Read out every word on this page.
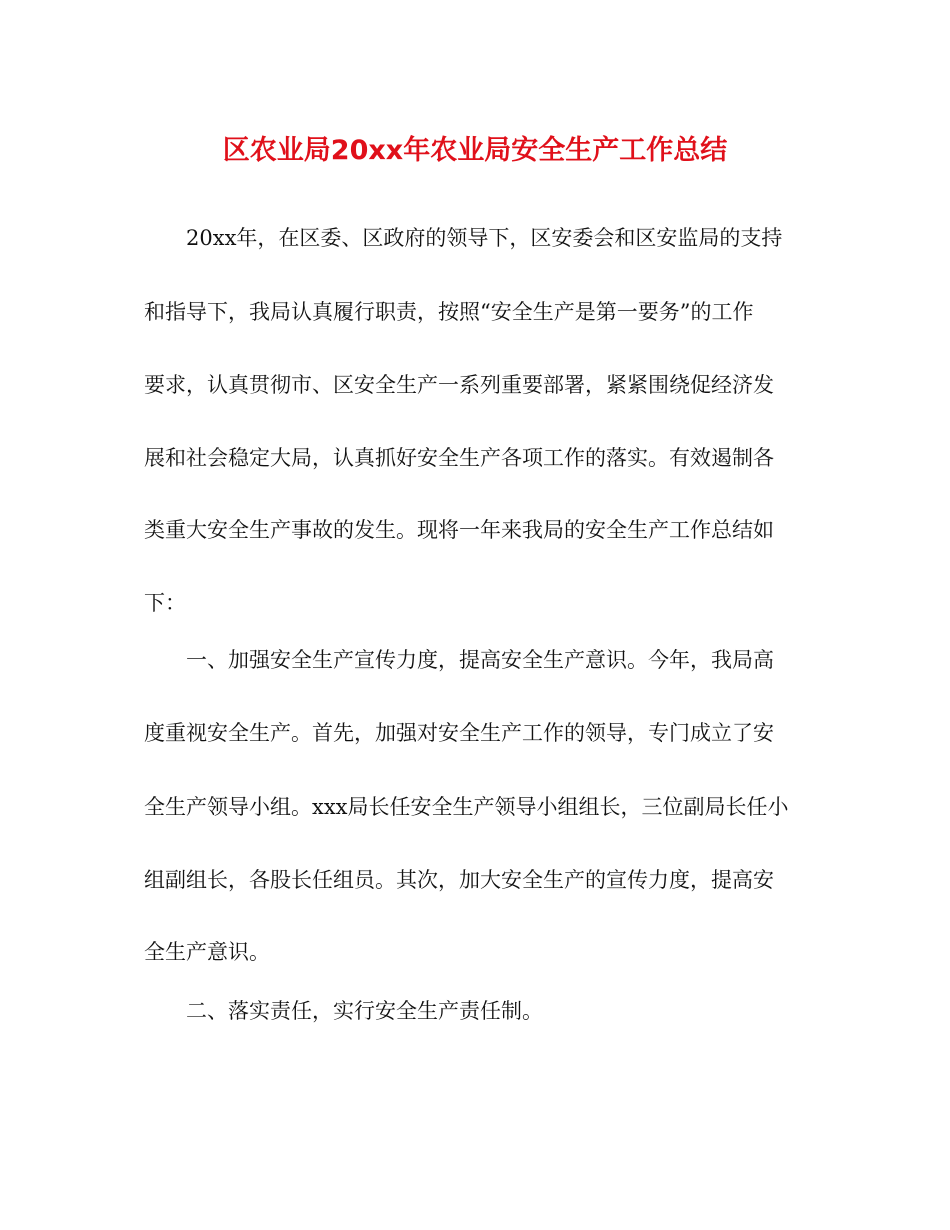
区农业局20xx年农业局安全生产工作总结
20xx年，在区委、区政府的领导下，区安委会和区安监局的支持
和指导下，我局认真履行职责，按照“安全生产是第一要务”的工作
要求，认真贯彻市、区安全生产一系列重要部署，紧紧围绕促经济发
展和社会稳定大局，认真抓好安全生产各项工作的落实。有效遏制各
类重大安全生产事故的发生。现将一年来我局的安全生产工作总结如
下：
一、加强安全生产宣传力度，提高安全生产意识。今年，我局高
度重视安全生产。首先，加强对安全生产工作的领导，专门成立了安
全生产领导小组。xxx局长任安全生产领导小组组长，三位副局长任小
组副组长，各股长任组员。其次，加大安全生产的宣传力度，提高安
全生产意识。
二、落实责任，实行安全生产责任制。
